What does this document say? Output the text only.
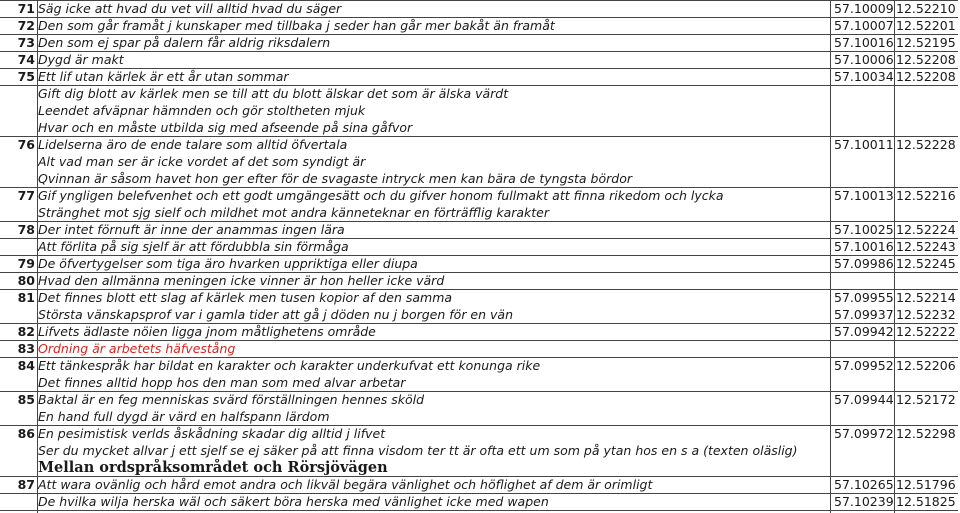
71 Säg icke att hvad du vet vill alltid hvad du säger	57.10009 12.52210
72 Den som går framåt j kunskaper med tillbaka j seder han går mer bakåt än framåt	57.10007 12.52201
73 Den som ej spar på dalern får aldrig riksdalern	57.10016 12.52195
74 Dygd är makt	57.10006 12.52208
75 Ett lif utan kärlek är ett år utan sommar	57.10034 12.52208
Gift dig blott av kärlek men se till att du blott älskar det som är älska värdt
Leendet afväpnar hämnden och gör stoltheten mjuk
Hvar och en måste utbilda sig med afseende på sina gåfvor
76 Lidelserna äro de ende talare som alltid öfvertala	57.10011 12.52228
Alt vad man ser är icke vordet af det som syndigt är
Qvinnan är såsom havet hon ger efter för de svagaste intryck men kan bära de tyngsta bördor
77 Gif yngligen belefvenhet och ett godt umgängesätt och du gifver honom fullmakt att finna rikedom och lycka	57.10013 12.52216
Stränghet mot sjg sielf och mildhet mot andra känneteknar en förträfflig karakter
78 Der intet förnuft är inne der anammas ingen lära	57.10025 12.52224
Att förlita på sig sjelf är att fördubbla sin förmåga	57.10016 12.52243
79 De öfvertygelser som tiga äro hvarken uppriktiga eller diupa	57.09986 12.52245
80 Hvad den allmänna meningen icke vinner är hon heller icke värd
81 Det finnes blott ett slag af kärlek men tusen kopior af den samma	57.09955 12.52214
Största vänskapsprof var i gamla tider att gå j döden nu j borgen för en vän	57.09937 12.52232
82 Lifvets ädlaste nöien ligga jnom måtlighetens område	57.09942 12.52222
83 Ordning är arbetets häfvestång
84 Ett tänkespråk har bildat en karakter och karakter underkufvat ett konunga rike	57.09952 12.52206
Det finnes alltid hopp hos den man som med alvar arbetar
85 Baktal är en feg menniskas svärd förställningen hennes sköld	57.09944 12.52172
En hand full dygd är värd en halfspann lärdom
86 En pesimistisk verlds åskådning skadar dig alltid j lifvet	57.09972 12.52298
Ser du mycket allvar j ett sjelf se ej säker på att finna visdom ter tt är ofta ett um som på ytan hos en s a (texten oläslig)
Mellan ordspråksområdet och Rörsjövägen
87 Att wara ovänlig och hård emot andra och likväl begära vänlighet och höflighet af dem är orimligt	57.10265 12.51796
De hvilka wilja herska wäl och säkert böra herska med vänlighet icke med wapen	57.10239 12.51825
